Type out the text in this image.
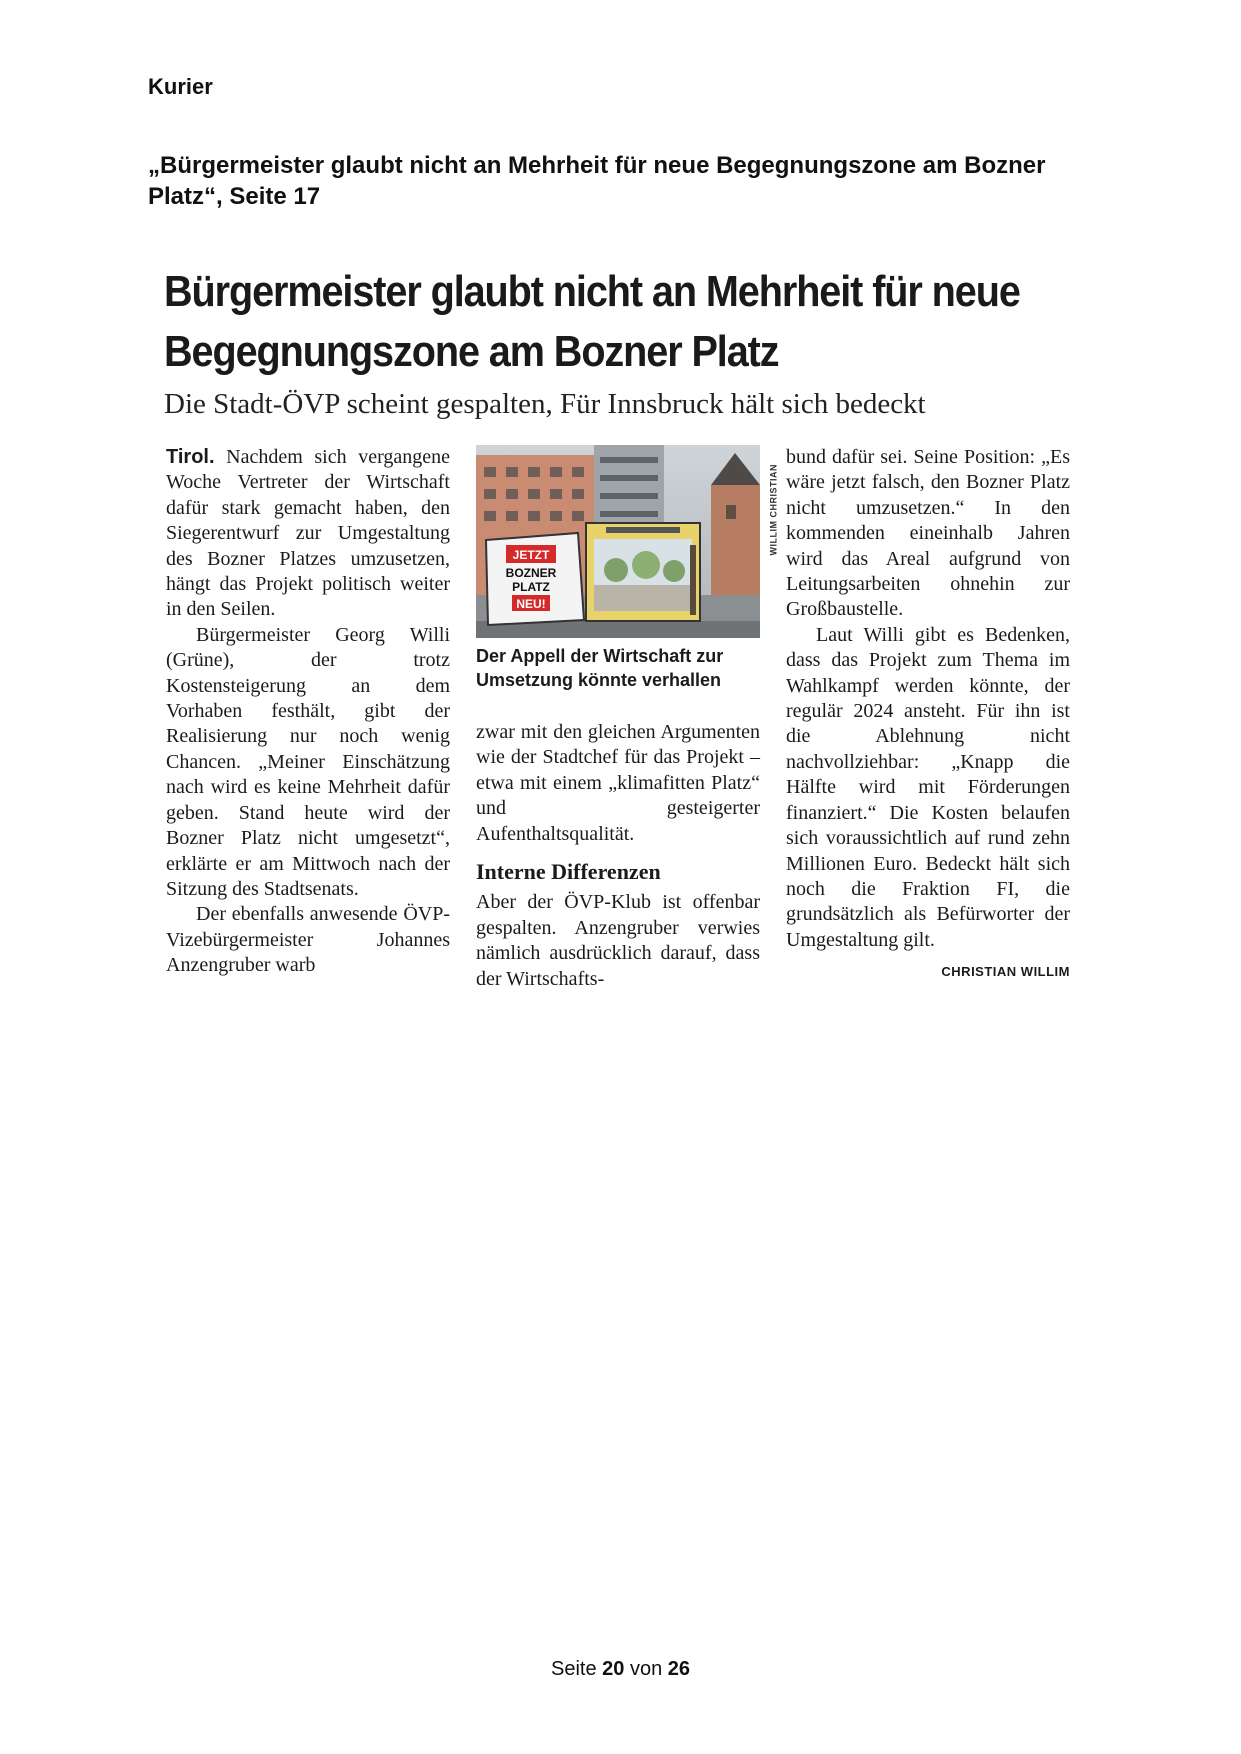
Kurier
„Bürgermeister glaubt nicht an Mehrheit für neue Begegnungszone am Bozner Platz“, Seite 17
Bürgermeister glaubt nicht an Mehrheit für neue Begegnungszone am Bozner Platz
Die Stadt-ÖVP scheint gespalten, Für Innsbruck hält sich bedeckt

Tirol. Nachdem sich vergangene Woche Vertreter der Wirtschaft dafür stark gemacht haben, den Siegerentwurf zur Umgestaltung des Bozner Platzes umzusetzen, hängt das Projekt politisch weiter in den Seilen.

Bürgermeister Georg Willi (Grüne), der trotz Kostensteigerung an dem Vorhaben festhält, gibt der Realisierung nur noch wenig Chancen. „Meiner Einschätzung nach wird es keine Mehrheit dafür geben. Stand heute wird der Bozner Platz nicht umgesetzt“, erklärte er am Mittwoch nach der Sitzung des Stadtsenats.

Der ebenfalls anwesende ÖVP-Vizebürgermeister Johannes Anzengruber warb

JETZT
BOZNER
PLATZ
NEU!
WILLIM CHRISTIAN
Der Appell der Wirtschaft zur Umsetzung könnte verhallen

zwar mit den gleichen Argumenten wie der Stadtchef für das Projekt – etwa mit einem „klimafitten Platz“ und gesteigerter Aufenthaltsqualität.

Interne Differenzen

Aber der ÖVP-Klub ist offenbar gespalten. Anzengruber verwies nämlich ausdrücklich darauf, dass der Wirtschafts-

bund dafür sei. Seine Position: „Es wäre jetzt falsch, den Bozner Platz nicht umzusetzen.“ In den kommenden eineinhalb Jahren wird das Areal aufgrund von Leitungsarbeiten ohnehin zur Großbaustelle.

Laut Willi gibt es Bedenken, dass das Projekt zum Thema im Wahlkampf werden könnte, der regulär 2024 ansteht. Für ihn ist die Ablehnung nicht nachvollziehbar: „Knapp die Hälfte wird mit Förderungen finanziert.“ Die Kosten belaufen sich voraussichtlich auf rund zehn Millionen Euro. Bedeckt hält sich noch die Fraktion FI, die grundsätzlich als Befürworter der Umgestaltung gilt.

CHRISTIAN WILLIM

Seite 20 von 26
